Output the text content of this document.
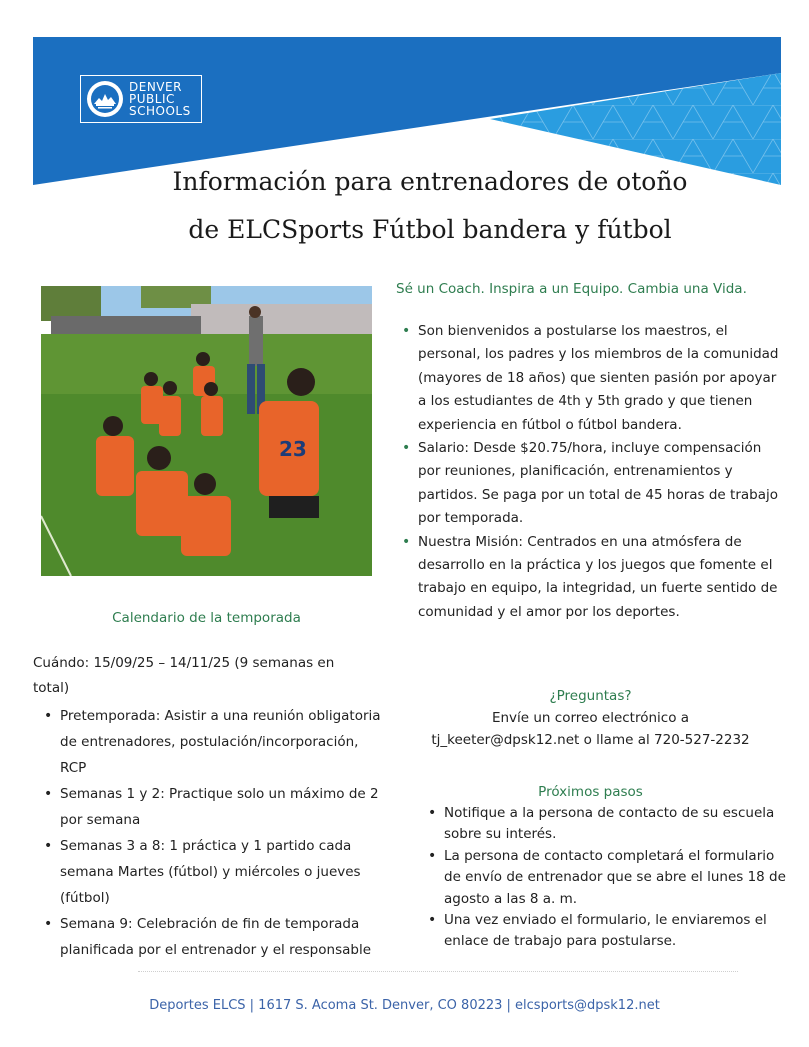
DENVER
PUBLIC
SCHOOLS
Información para entrenadores de otoño
de ELCSports Fútbol bandera y fútbol
23
Sé un Coach. Inspira a un Equipo. Cambia una Vida.
• Son bienvenidos a postularse los maestros, el personal, los padres y los miembros de la comunidad (mayores de 18 años) que sienten pasión por apoyar a los estudiantes de 4th y 5th grado y que tienen experiencia en fútbol o fútbol bandera.
• Salario: Desde $20.75/hora, incluye compensación por reuniones, planificación, entrenamientos y partidos. Se paga por un total de 45 horas de trabajo por temporada.
• Nuestra Misión: Centrados en una atmósfera de desarrollo en la práctica y los juegos que fomente el trabajo en equipo, la integridad, un fuerte sentido de comunidad y el amor por los deportes.
¿Preguntas?
Envíe un correo electrónico a
tj_keeter@dpsk12.net o llame al 720-527-2232
Próximos pasos
• Notifique a la persona de contacto de su escuela sobre su interés.
• La persona de contacto completará el formulario de envío de entrenador que se abre el lunes 18 de agosto a las 8 a. m.
• Una vez enviado el formulario, le enviaremos el enlace de trabajo para postularse.
Calendario de la temporada
Cuándo: 15/09/25 – 14/11/25 (9 semanas en total)
• Pretemporada: Asistir a una reunión obligatoria de entrenadores, postulación/incorporación, RCP
• Semanas 1 y 2: Practique solo un máximo de 2 por semana
• Semanas 3 a 8: 1 práctica y 1 partido cada semana Martes (fútbol) y miércoles o jueves (fútbol)
• Semana 9: Celebración de fin de temporada planificada por el entrenador y el responsable
Deportes ELCS | 1617 S. Acoma St. Denver, CO 80223 | elcsports@dpsk12.net
